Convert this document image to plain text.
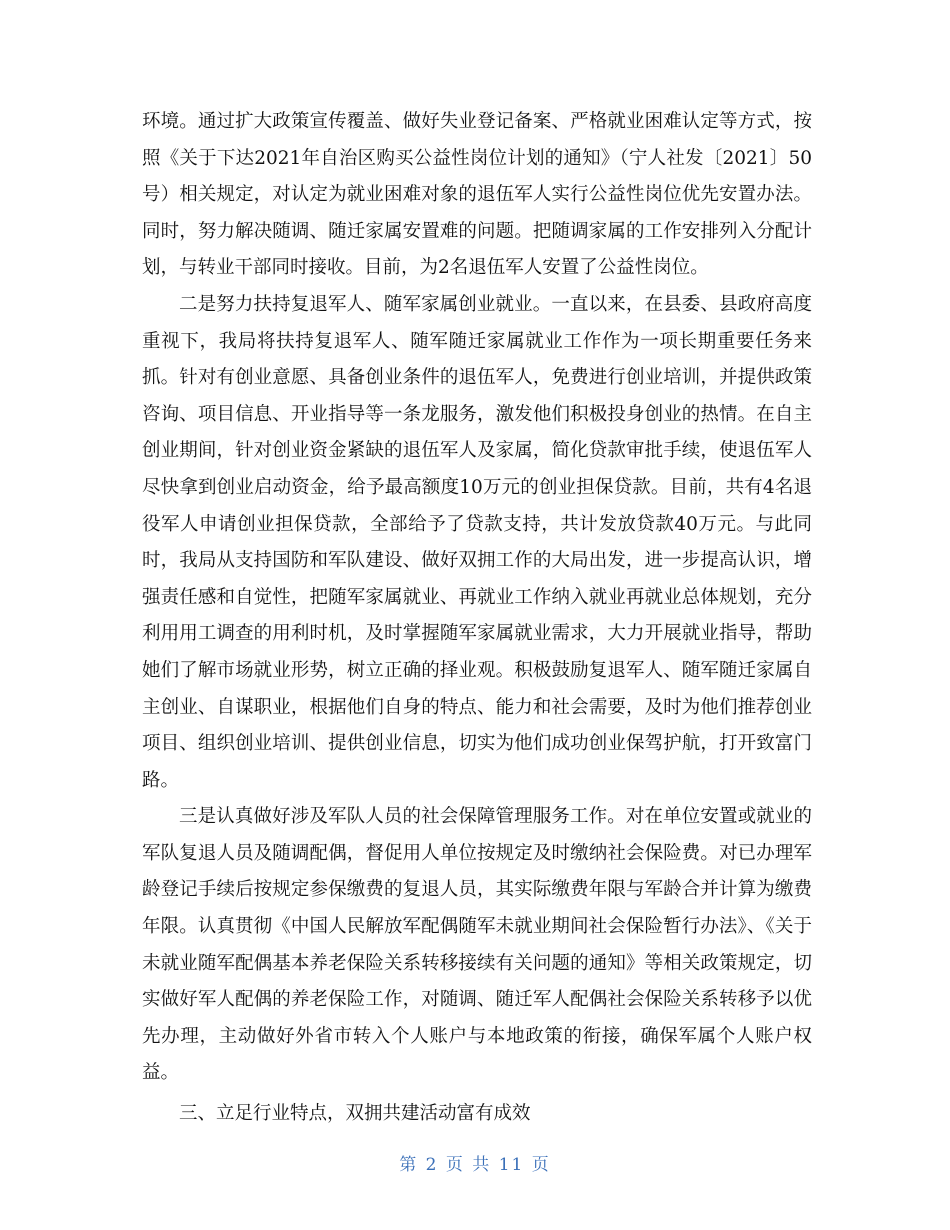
环境。通过扩大政策宣传覆盖、做好失业登记备案、严格就业困难认定等方式，按照《关于下达2021年自治区购买公益性岗位计划的通知》（宁人社发〔2021〕50号）相关规定，对认定为就业困难对象的退伍军人实行公益性岗位优先安置办法。同时，努力解决随调、随迁家属安置难的问题。把随调家属的工作安排列入分配计划，与转业干部同时接收。目前，为2名退伍军人安置了公益性岗位。

二是努力扶持复退军人、随军家属创业就业。一直以来，在县委、县政府高度重视下，我局将扶持复退军人、随军随迁家属就业工作作为一项长期重要任务来抓。针对有创业意愿、具备创业条件的退伍军人，免费进行创业培训，并提供政策咨询、项目信息、开业指导等一条龙服务，激发他们积极投身创业的热情。在自主创业期间，针对创业资金紧缺的退伍军人及家属，简化贷款审批手续，使退伍军人尽快拿到创业启动资金，给予最高额度10万元的创业担保贷款。目前，共有4名退役军人申请创业担保贷款，全部给予了贷款支持，共计发放贷款40万元。与此同时，我局从支持国防和军队建设、做好双拥工作的大局出发，进一步提高认识，增强责任感和自觉性，把随军家属就业、再就业工作纳入就业再就业总体规划，充分利用用工调查的用利时机，及时掌握随军家属就业需求，大力开展就业指导，帮助她们了解市场就业形势，树立正确的择业观。积极鼓励复退军人、随军随迁家属自主创业、自谋职业，根据他们自身的特点、能力和社会需要，及时为他们推荐创业项目、组织创业培训、提供创业信息，切实为他们成功创业保驾护航，打开致富门路。

三是认真做好涉及军队人员的社会保障管理服务工作。对在单位安置或就业的军队复退人员及随调配偶，督促用人单位按规定及时缴纳社会保险费。对已办理军龄登记手续后按规定参保缴费的复退人员，其实际缴费年限与军龄合并计算为缴费年限。认真贯彻《中国人民解放军配偶随军未就业期间社会保险暂行办法》、《关于未就业随军配偶基本养老保险关系转移接续有关问题的通知》等相关政策规定，切实做好军人配偶的养老保险工作，对随调、随迁军人配偶社会保险关系转移予以优先办理，主动做好外省市转入个人账户与本地政策的衔接，确保军属个人账户权益。

三、立足行业特点，双拥共建活动富有成效

第 2 页 共 11 页
